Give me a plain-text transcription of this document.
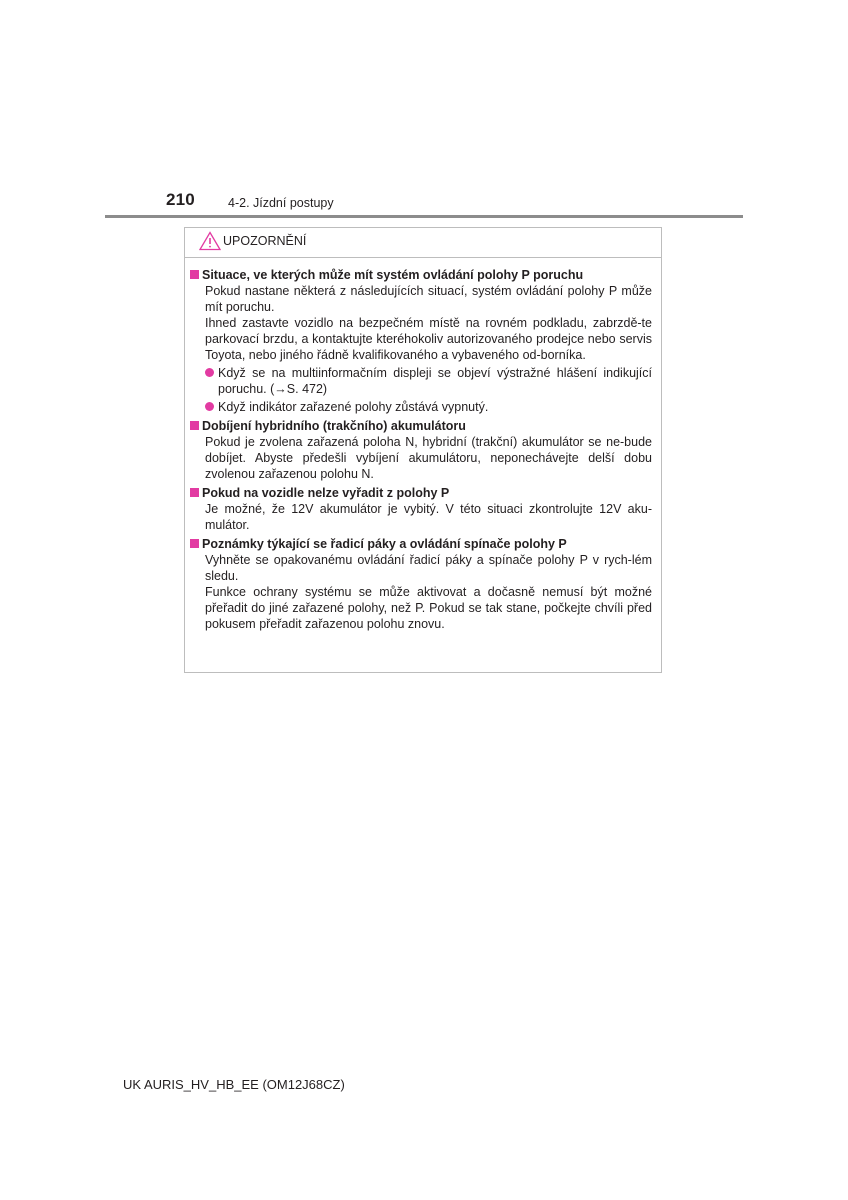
210	4-2. Jízdní postupy
UPOZORNĚNÍ
Situace, ve kterých může mít systém ovládání polohy P poruchu
Pokud nastane některá z následujících situací, systém ovládání polohy P může mít poruchu.
Ihned zastavte vozidlo na bezpečném místě na rovném podkladu, zabrzdě-te parkovací brzdu, a kontaktujte kteréhokoliv autorizovaného prodejce nebo servis Toyota, nebo jiného řádně kvalifikovaného a vybaveného od-borníka.
Když se na multiinformačním displeji se objeví výstražné hlášení indikující poruchu. (→S. 472)
Když indikátor zařazené polohy zůstává vypnutý.
Dobíjení hybridního (trakčního) akumulátoru
Pokud je zvolena zařazená poloha N, hybridní (trakční) akumulátor se ne-bude dobíjet. Abyste předešli vybíjení akumulátoru, neponechávejte delší dobu zvolenou zařazenou polohu N.
Pokud na vozidle nelze vyřadit z polohy P
Je možné, že 12V akumulátor je vybitý. V této situaci zkontrolujte 12V aku-mulátor.
Poznámky týkající se řadicí páky a ovládání spínače polohy P
Vyhněte se opakovanému ovládání řadicí páky a spínače polohy P v rych-lém sledu.
Funkce ochrany systému se může aktivovat a dočasně nemusí být možné přeřadit do jiné zařazené polohy, než P. Pokud se tak stane, počkejte chvíli před pokusem přeřadit zařazenou polohu znovu.
UK AURIS_HV_HB_EE (OM12J68CZ)
